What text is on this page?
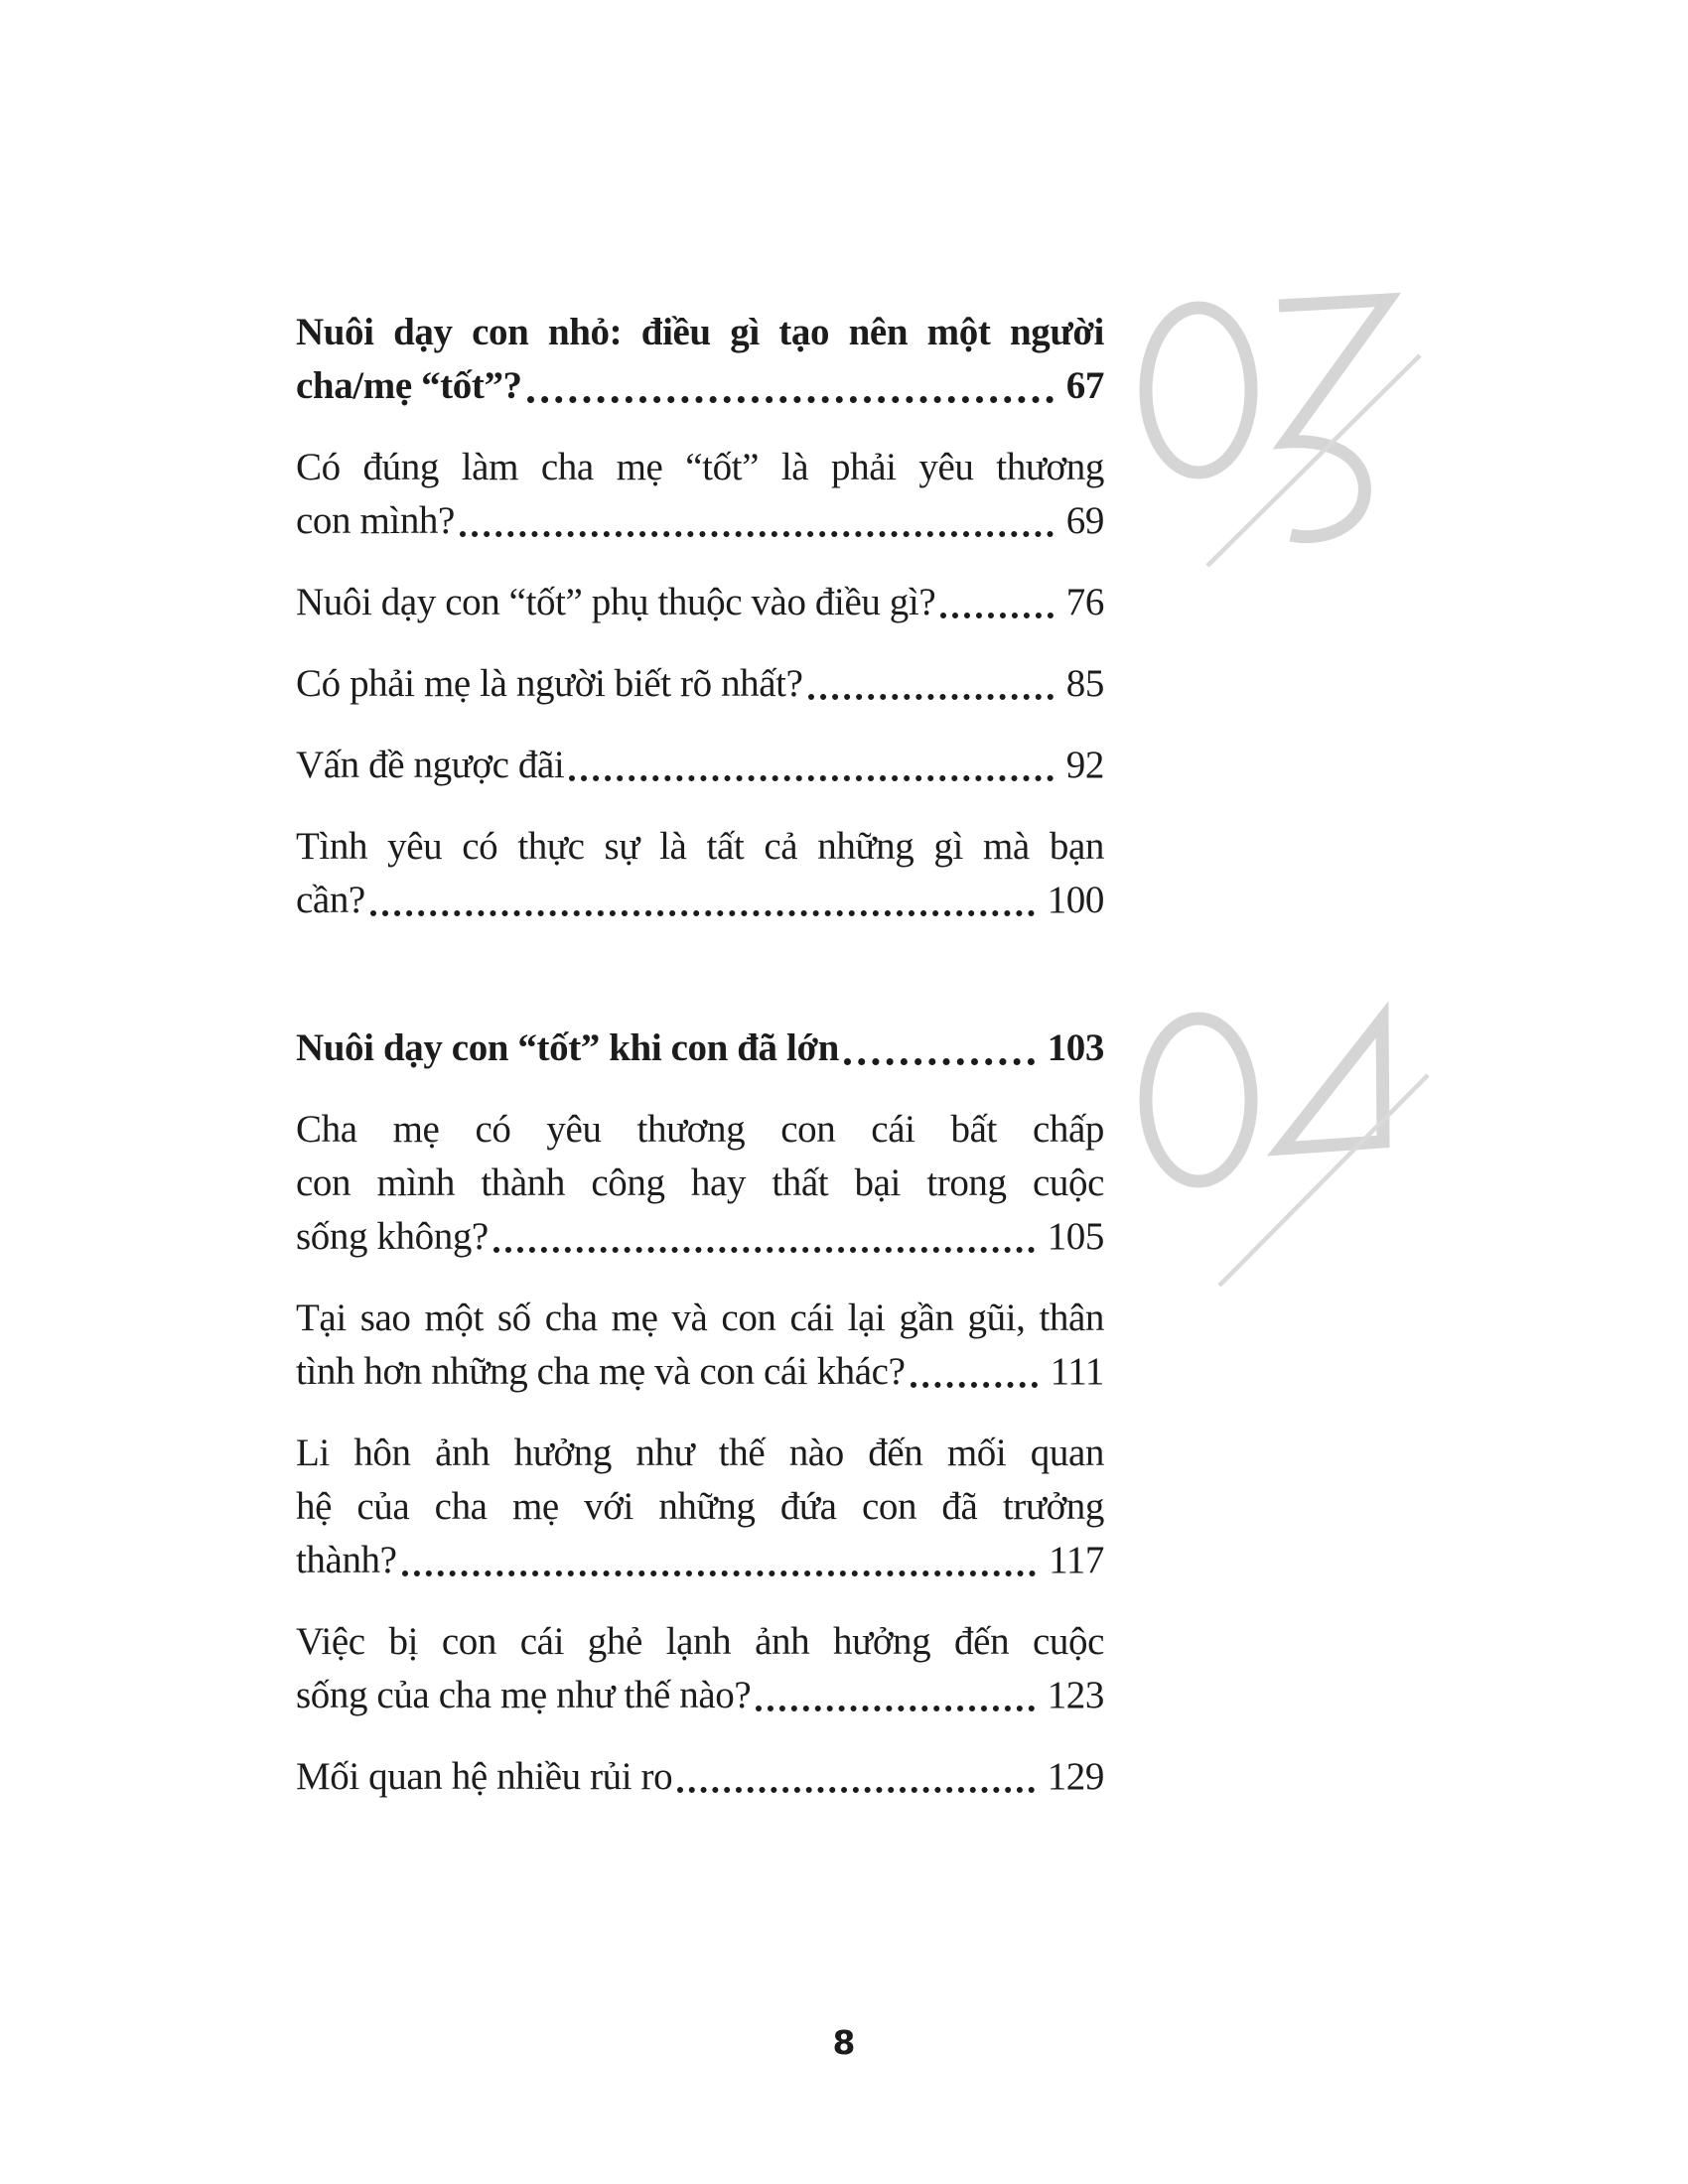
Nuôi dạy con nhỏ: điều gì tạo nên một người
cha/mẹ “tốt”?	67
Có đúng làm cha mẹ “tốt” là phải yêu thương
con mình?	69
Nuôi dạy con “tốt” phụ thuộc vào điều gì?	76
Có phải mẹ là người biết rõ nhất?	85
Vấn đề ngược đãi	92
Tình yêu có thực sự là tất cả những gì mà bạn
cần?	100
Nuôi dạy con “tốt” khi con đã lớn	103
Cha mẹ có yêu thương con cái bất chấp
con mình thành công hay thất bại trong cuộc
sống không?	105
Tại sao một số cha mẹ và con cái lại gần gũi, thân
tình hơn những cha mẹ và con cái khác?	111
Li hôn ảnh hưởng như thế nào đến mối quan
hệ của cha mẹ với những đứa con đã trưởng
thành?	117
Việc bị con cái ghẻ lạnh ảnh hưởng đến cuộc
sống của cha mẹ như thế nào?	123
Mối quan hệ nhiều rủi ro	129
8
